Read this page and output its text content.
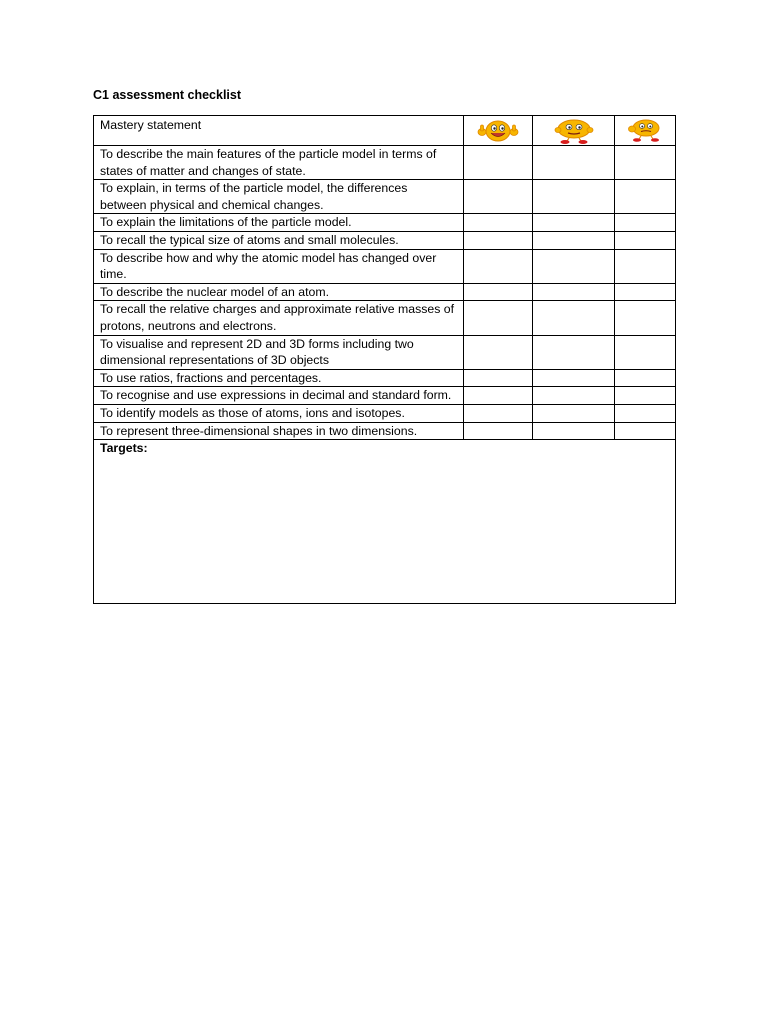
C1 assessment checklist
Mastery statement	

To describe the main features of the particle model in terms of states of matter and changes of state.			
To explain, in terms of the particle model, the differences between physical and chemical changes.			
To explain the limitations of the particle model.			
To recall the typical size of atoms and small molecules.			
To describe how and why the atomic model has changed over time.			
To describe the nuclear model of an atom.			
To recall the relative charges and approximate relative masses of protons, neutrons and electrons.			
To visualise and represent 2D and 3D forms including two dimensional representations of 3D objects			
To use ratios, fractions and percentages.			
To recognise and use expressions in decimal and standard form.			
To identify models as those of atoms, ions and isotopes.			
To represent three-dimensional shapes in two dimensions.			
Targets:			
